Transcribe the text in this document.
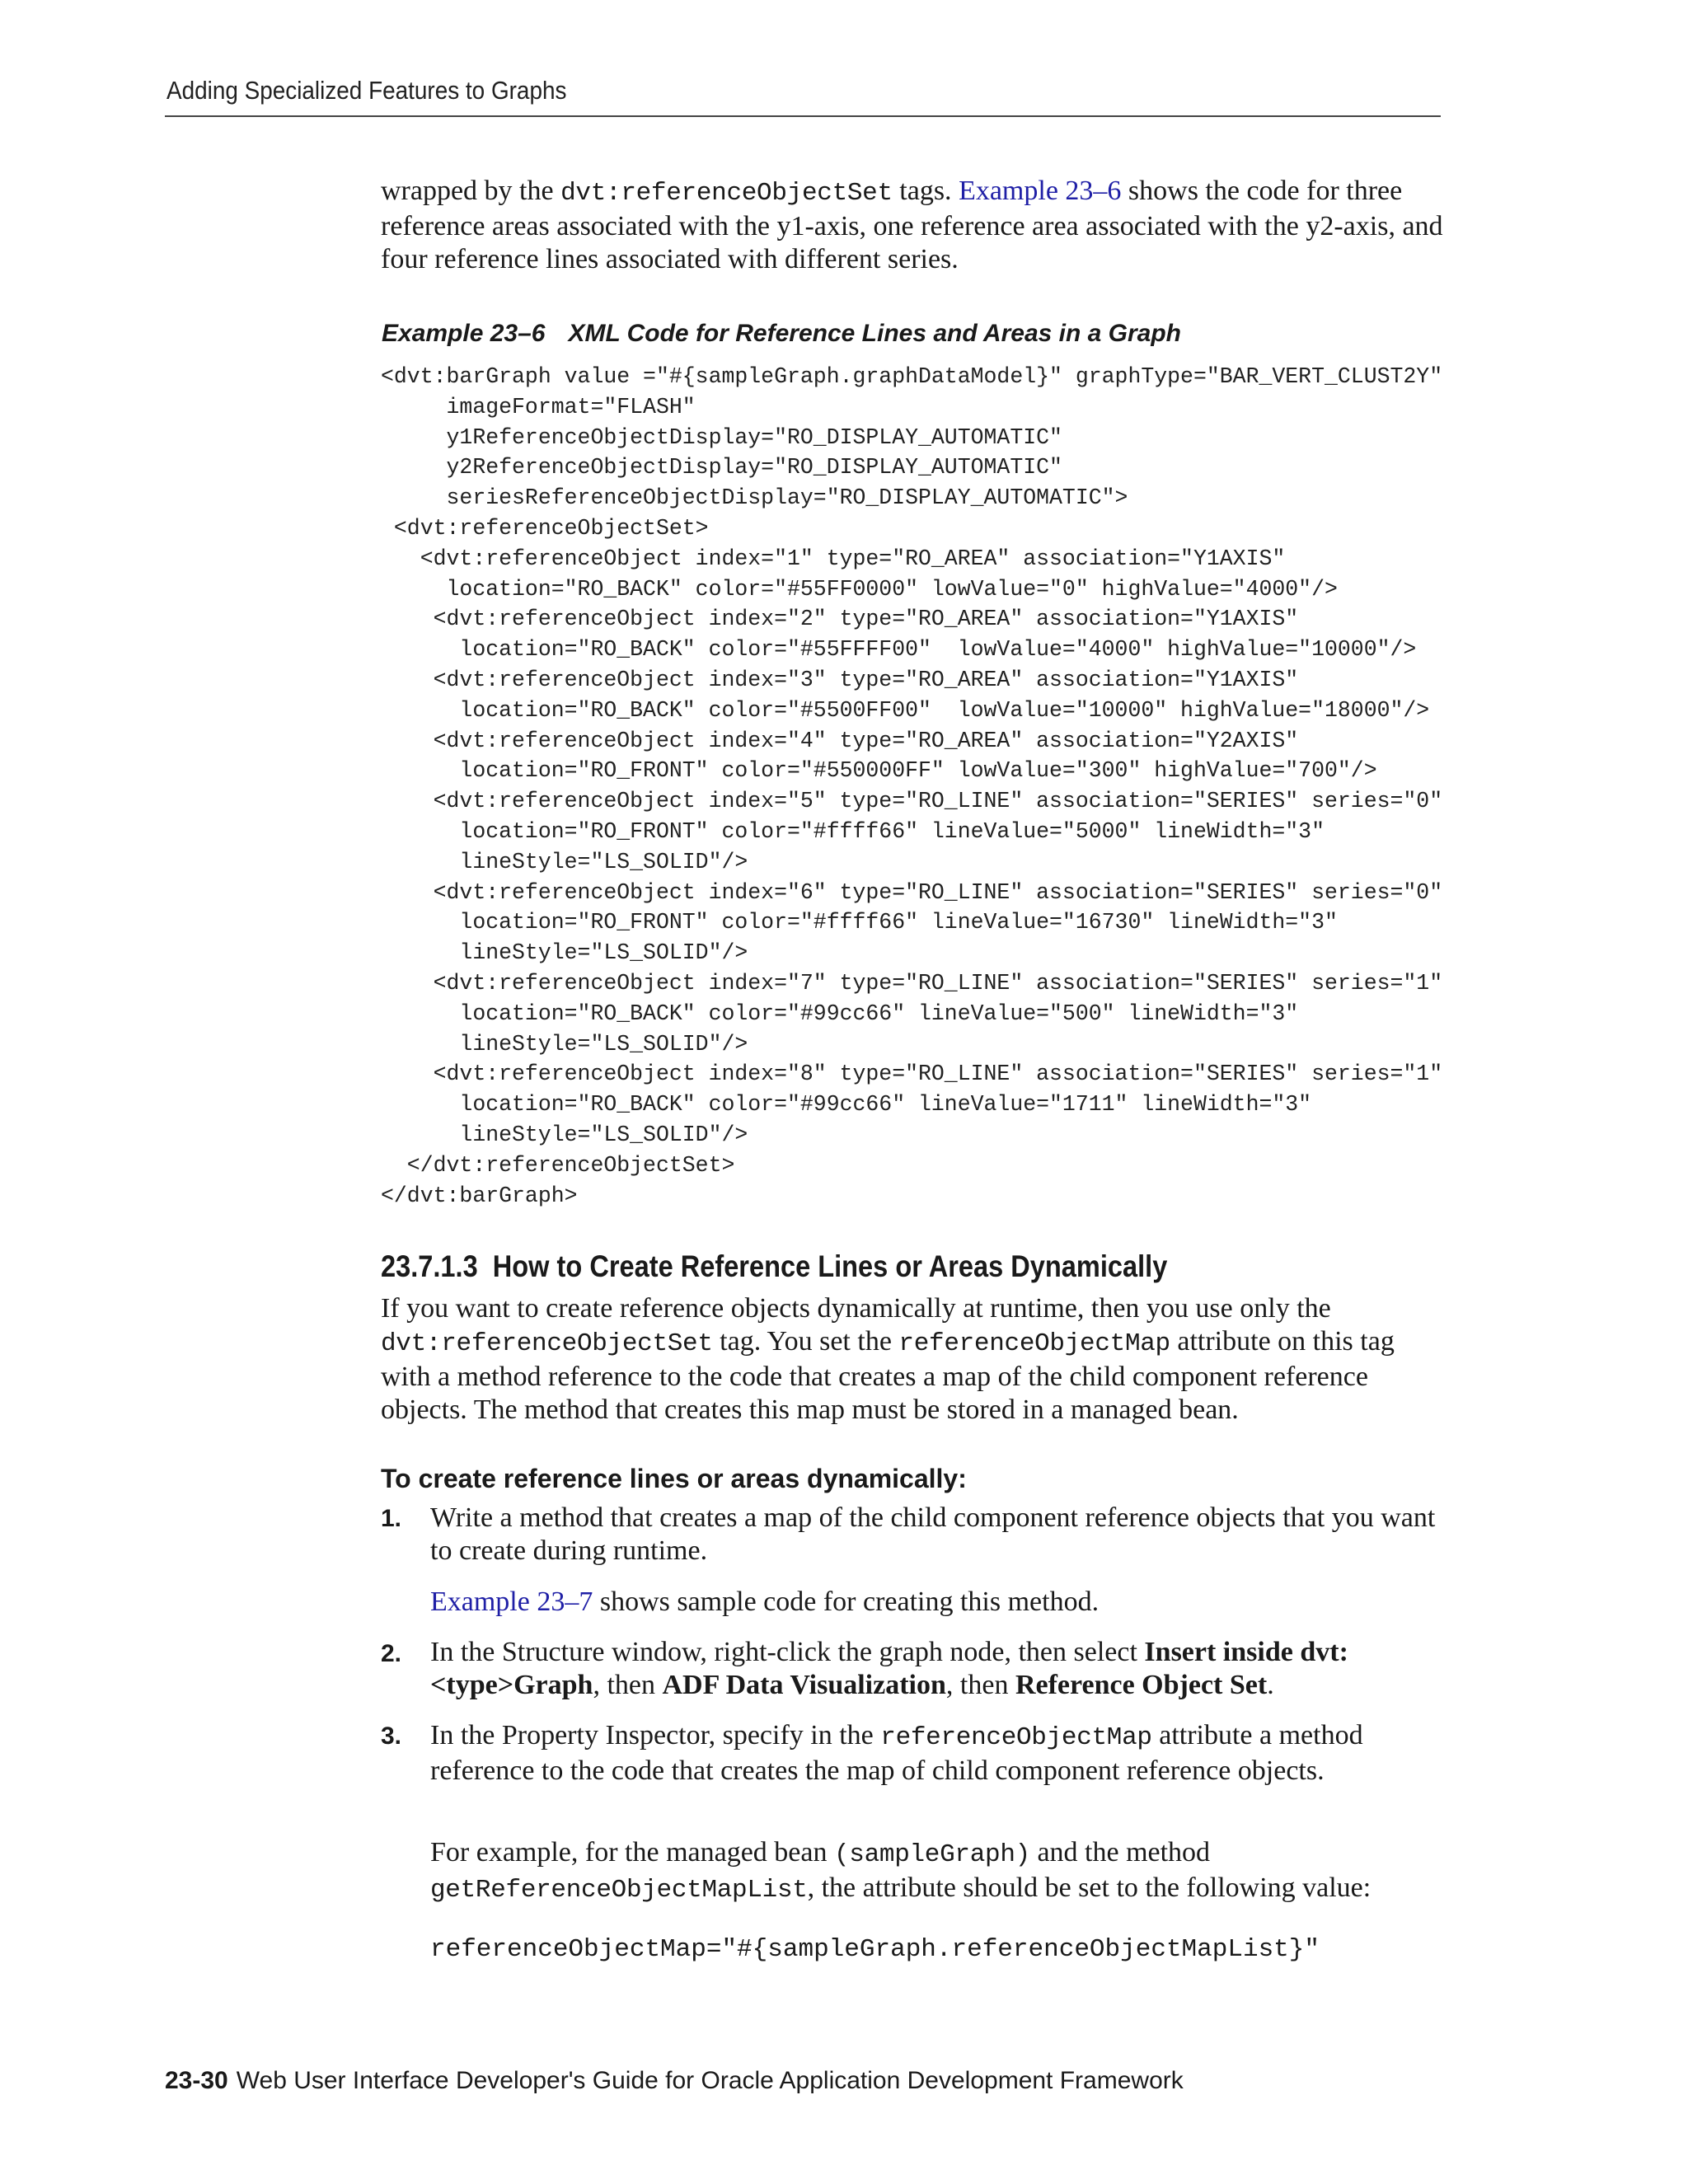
Adding Specialized Features to Graphs
wrapped by the dvt:referenceObjectSet tags. Example 23–6 shows the code for three reference areas associated with the y1-axis, one reference area associated with the y2-axis, and four reference lines associated with different series.
Example 23–6 XML Code for Reference Lines and Areas in a Graph
<dvt:barGraph value ="#{sampleGraph.graphDataModel}" graphType="BAR_VERT_CLUST2Y"
imageFormat="FLASH"
y1ReferenceObjectDisplay="RO_DISPLAY_AUTOMATIC"
y2ReferenceObjectDisplay="RO_DISPLAY_AUTOMATIC"
seriesReferenceObjectDisplay="RO_DISPLAY_AUTOMATIC">
<dvt:referenceObjectSet>
<dvt:referenceObject index="1" type="RO_AREA" association="Y1AXIS"
location="RO_BACK" color="#55FF0000" lowValue="0" highValue="4000"/>
<dvt:referenceObject index="2" type="RO_AREA" association="Y1AXIS"
location="RO_BACK" color="#55FFFF00"  lowValue="4000" highValue="10000"/>
<dvt:referenceObject index="3" type="RO_AREA" association="Y1AXIS"
location="RO_BACK" color="#5500FF00"  lowValue="10000" highValue="18000"/>
<dvt:referenceObject index="4" type="RO_AREA" association="Y2AXIS"
location="RO_FRONT" color="#550000FF" lowValue="300" highValue="700"/>
<dvt:referenceObject index="5" type="RO_LINE" association="SERIES" series="0"
location="RO_FRONT" color="#ffff66" lineValue="5000" lineWidth="3"
lineStyle="LS_SOLID"/>
<dvt:referenceObject index="6" type="RO_LINE" association="SERIES" series="0"
location="RO_FRONT" color="#ffff66" lineValue="16730" lineWidth="3"
lineStyle="LS_SOLID"/>
<dvt:referenceObject index="7" type="RO_LINE" association="SERIES" series="1"
location="RO_BACK" color="#99cc66" lineValue="500" lineWidth="3"
lineStyle="LS_SOLID"/>
<dvt:referenceObject index="8" type="RO_LINE" association="SERIES" series="1"
location="RO_BACK" color="#99cc66" lineValue="1711" lineWidth="3"
lineStyle="LS_SOLID"/>
</dvt:referenceObjectSet>
</dvt:barGraph>
23.7.1.3 How to Create Reference Lines or Areas Dynamically
If you want to create reference objects dynamically at runtime, then you use only the dvt:referenceObjectSet tag. You set the referenceObjectMap attribute on this tag with a method reference to the code that creates a map of the child component reference objects. The method that creates this map must be stored in a managed bean.
To create reference lines or areas dynamically:
1. Write a method that creates a map of the child component reference objects that you want to create during runtime.
Example 23–7 shows sample code for creating this method.
2. In the Structure window, right-click the graph node, then select Insert inside dvt:<type>Graph, then ADF Data Visualization, then Reference Object Set.
3. In the Property Inspector, specify in the referenceObjectMap attribute a method reference to the code that creates the map of child component reference objects.
For example, for the managed bean (sampleGraph) and the method getReferenceObjectMapList, the attribute should be set to the following value:
referenceObjectMap="#{sampleGraph.referenceObjectMapList}"
23-30 Web User Interface Developer's Guide for Oracle Application Development Framework
